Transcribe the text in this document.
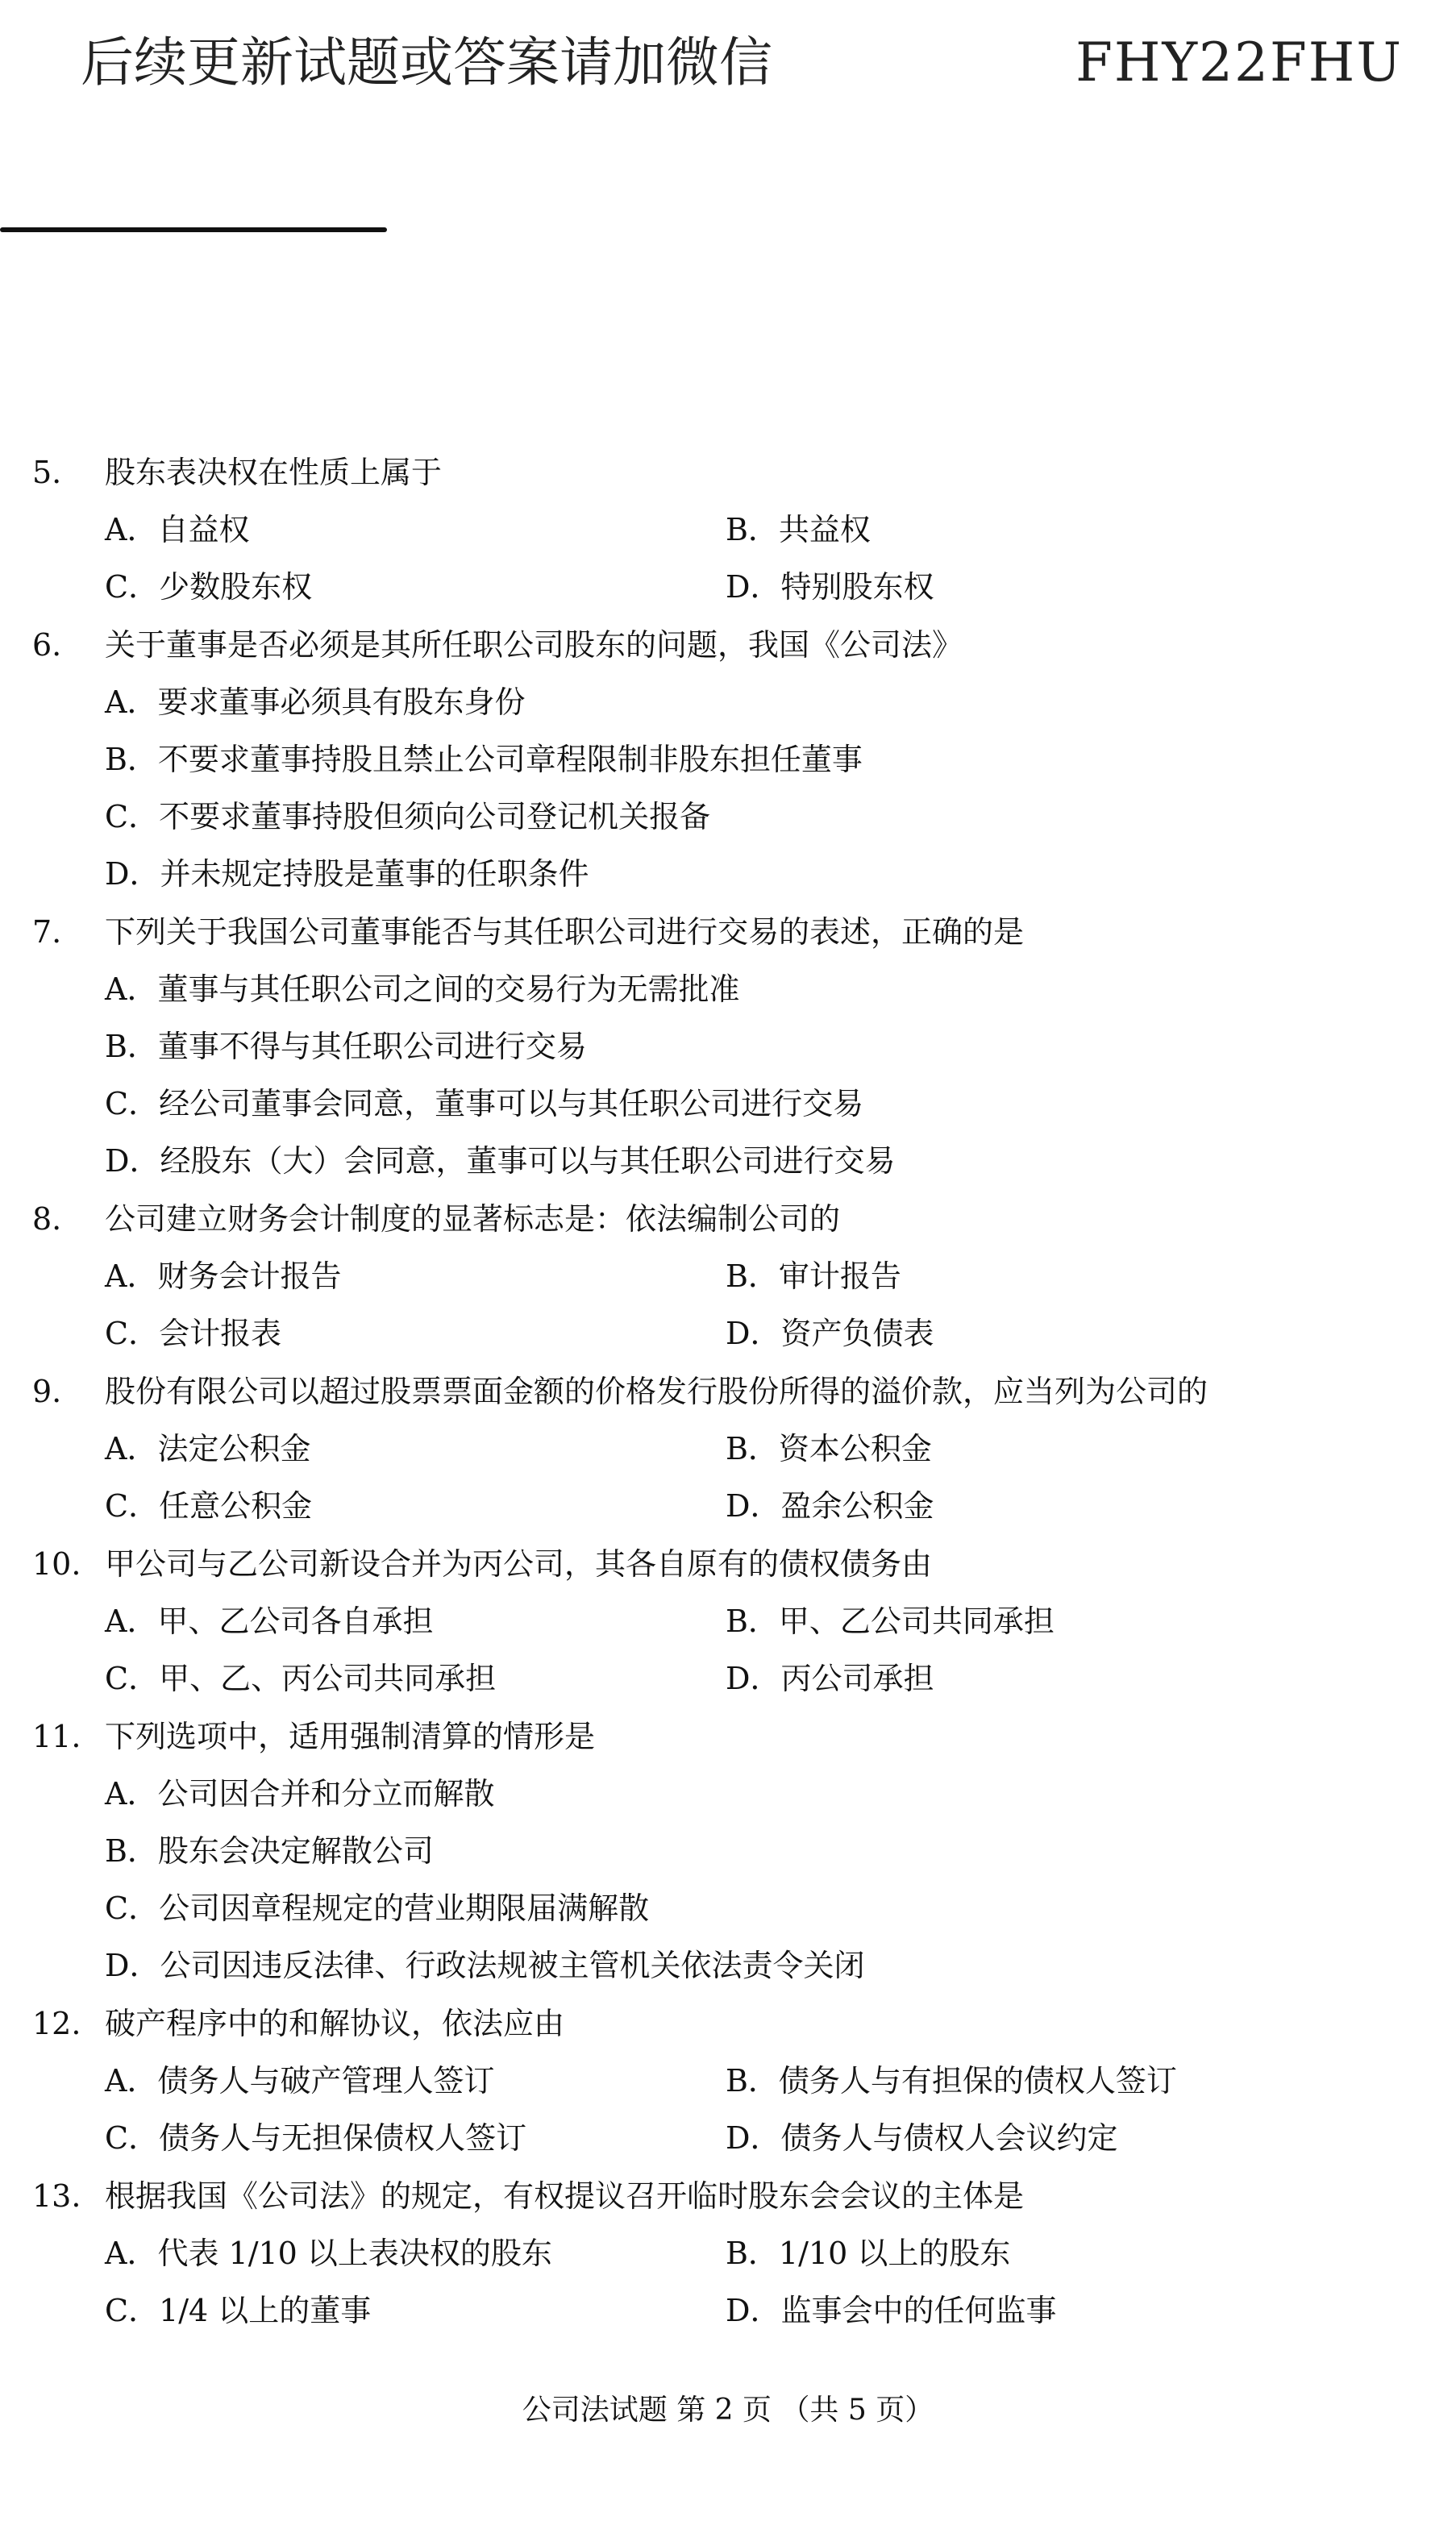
后续更新试题或答案请加微信	FHY22FHU
5. 股东表决权在性质上属于
A．自益权	B．共益权
C．少数股东权	D．特别股东权
6. 关于董事是否必须是其所任职公司股东的问题，我国《公司法》
A．要求董事必须具有股东身份
B．不要求董事持股且禁止公司章程限制非股东担任董事
C．不要求董事持股但须向公司登记机关报备
D．并未规定持股是董事的任职条件
7. 下列关于我国公司董事能否与其任职公司进行交易的表述，正确的是
A．董事与其任职公司之间的交易行为无需批准
B．董事不得与其任职公司进行交易
C．经公司董事会同意，董事可以与其任职公司进行交易
D．经股东（大）会同意，董事可以与其任职公司进行交易
8. 公司建立财务会计制度的显著标志是：依法编制公司的
A．财务会计报告	B．审计报告
C．会计报表	D．资产负债表
9. 股份有限公司以超过股票票面金额的价格发行股份所得的溢价款，应当列为公司的
A．法定公积金	B．资本公积金
C．任意公积金	D．盈余公积金
10. 甲公司与乙公司新设合并为丙公司，其各自原有的债权债务由
A．甲、乙公司各自承担	B．甲、乙公司共同承担
C．甲、乙、丙公司共同承担	D．丙公司承担
11. 下列选项中，适用强制清算的情形是
A．公司因合并和分立而解散
B．股东会决定解散公司
C．公司因章程规定的营业期限届满解散
D．公司因违反法律、行政法规被主管机关依法责令关闭
12. 破产程序中的和解协议，依法应由
A．债务人与破产管理人签订	B．债务人与有担保的债权人签订
C．债务人与无担保债权人签订	D．债务人与债权人会议约定
13. 根据我国《公司法》的规定，有权提议召开临时股东会会议的主体是
A．代表 1/10 以上表决权的股东	B．1/10 以上的股东
C．1/4 以上的董事	D．监事会中的任何监事
公司法试题 第 2 页 （共 5 页）
